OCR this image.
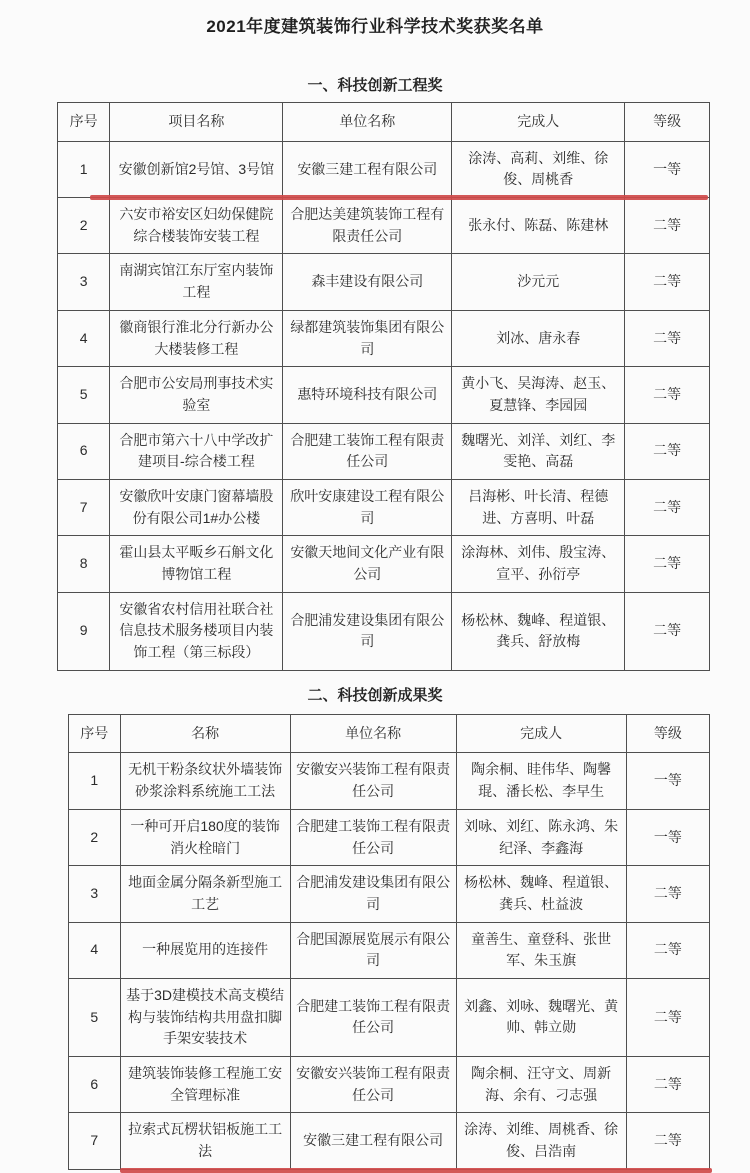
2021年度建筑装饰行业科学技术奖获奖名单
一、科技创新工程奖
序号	项目名称	单位名称	完成人	等级
1	安徽创新馆2号馆、3号馆	安徽三建工程有限公司	涂涛、高莉、刘维、徐俊、周桃香	一等
2	六安市裕安区妇幼保健院综合楼装饰安装工程	合肥达美建筑装饰工程有限责任公司	张永付、陈磊、陈建林	二等
3	南湖宾馆江东厅室内装饰工程	森丰建设有限公司	沙元元	二等
4	徽商银行淮北分行新办公大楼装修工程	绿都建筑装饰集团有限公司	刘冰、唐永春	二等
5	合肥市公安局刑事技术实验室	惠特环境科技有限公司	黄小飞、吴海涛、赵玉、夏慧锋、李园园	二等
6	合肥市第六十八中学改扩建项目-综合楼工程	合肥建工装饰工程有限责任公司	魏曙光、刘洋、刘红、李雯艳、高磊	二等
7	安徽欣叶安康门窗幕墙股份有限公司1#办公楼	欣叶安康建设工程有限公司	吕海彬、叶长清、程德进、方喜明、叶磊	二等
8	霍山县太平畈乡石斛文化博物馆工程	安徽天地间文化产业有限公司	涂海林、刘伟、殷宝涛、宣平、孙衍亭	二等
9	安徽省农村信用社联合社信息技术服务楼项目内装饰工程（第三标段）	合肥浦发建设集团有限公司	杨松林、魏峰、程道银、龚兵、舒放梅	二等
二、科技创新成果奖
序号	名称	单位名称	完成人	等级
1	无机干粉条纹状外墙装饰砂浆涂料系统施工工法	安徽安兴装饰工程有限责任公司	陶余桐、眭伟华、陶馨琨、潘长松、李早生	一等
2	一种可开启180度的装饰消火栓暗门	合肥建工装饰工程有限责任公司	刘咏、刘红、陈永鸿、朱纪泽、李鑫海	一等
3	地面金属分隔条新型施工工艺	合肥浦发建设集团有限公司	杨松林、魏峰、程道银、龚兵、杜益波	二等
4	一种展览用的连接件	合肥国源展览展示有限公司	童善生、童登科、张世军、朱玉旗	二等
5	基于3D建模技术高支模结构与装饰结构共用盘扣脚手架安装技术	合肥建工装饰工程有限责任公司	刘鑫、刘咏、魏曙光、黄帅、韩立勋	二等
6	建筑装饰装修工程施工安全管理标准	安徽安兴装饰工程有限责任公司	陶余桐、汪守文、周新海、余有、刁志强	二等
7	拉索式瓦楞状铝板施工工法	安徽三建工程有限公司	涂涛、刘维、周桃香、徐俊、吕浩南	二等
